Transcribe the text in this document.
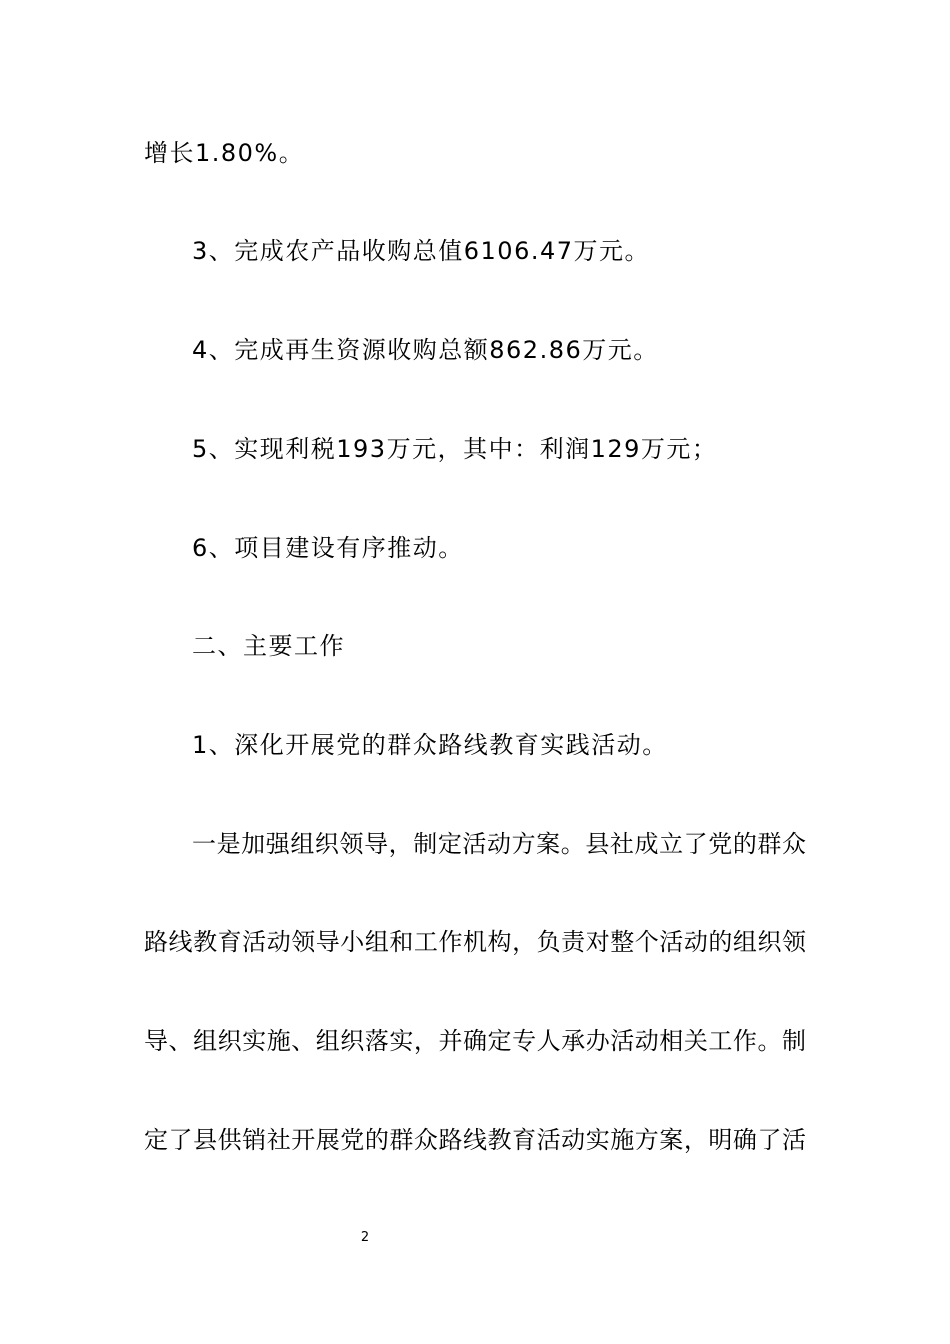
增长1.80%。
3、完成农产品收购总值6106.47万元。
4、完成再生资源收购总额862.86万元。
5、实现利税193万元，其中：利润129万元；
6、项目建设有序推动。
二、主要工作
1、深化开展党的群众路线教育实践活动。
一是加强组织领导，制定活动方案。县社成立了党的群众
路线教育活动领导小组和工作机构，负责对整个活动的组织领
导、组织实施、组织落实，并确定专人承办活动相关工作。制
定了县供销社开展党的群众路线教育活动实施方案，明确了活
2
